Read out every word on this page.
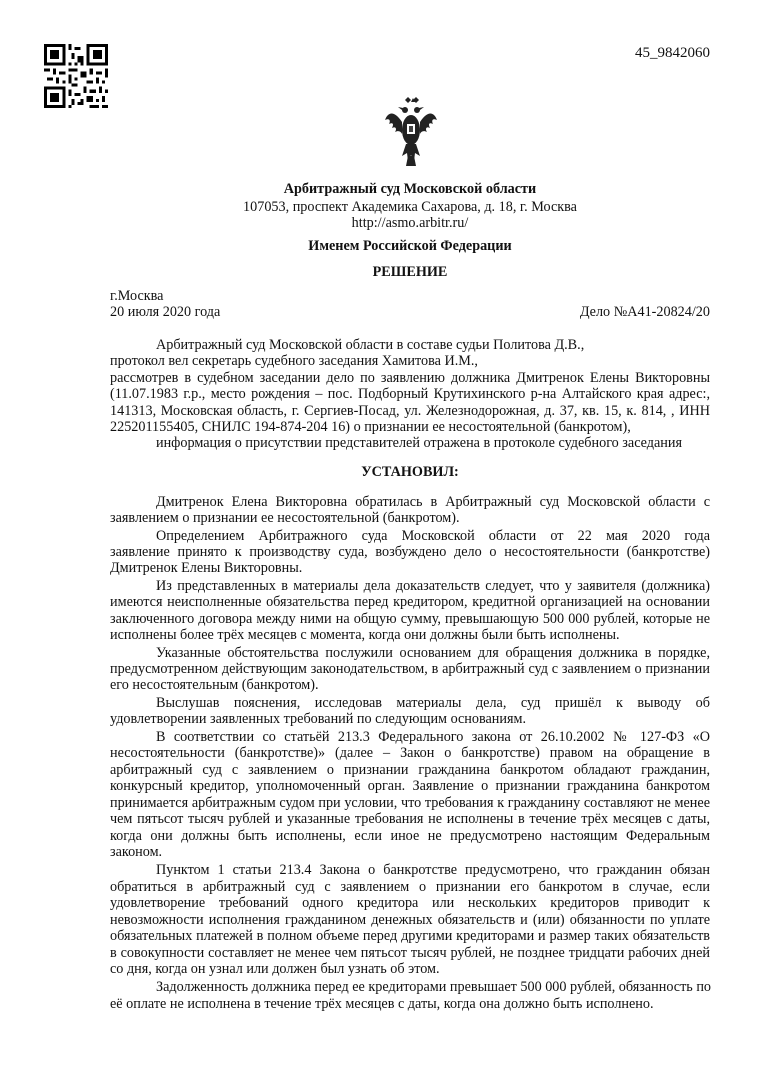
45_9842060
Арбитражный суд Московской области
107053, проспект Академика Сахарова, д. 18, г. Москва
http://asmo.arbitr.ru/
Именем Российской Федерации
РЕШЕНИЕ
г.Москва
20 июля 2020 года	Дело №А41-20824/20
Арбитражный суд Московской области в составе судьи Политова Д.В.,
протокол вел секретарь судебного заседания Хамитова И.М.,
рассмотрев в судебном заседании дело по заявлению должника Дмитренок Елены Викторовны
(11.07.1983 г.р., место рождения – пос. Подборный Крутихинского р-на Алтайского края адрес:,
141313, Московская область, г. Сергиев-Посад, ул. Железнодорожная, д. 37, кв. 15, к. 814, , ИНН
225201155405, СНИЛС 194-874-204 16) о признании ее несостоятельной (банкротом),
информация о присутствии представителей отражена в протоколе судебного заседания
УСТАНОВИЛ:
Дмитренок Елена Викторовна обратилась в Арбитражный суд Московской области с
заявлением о признании ее несостоятельной (банкротом).
Определением Арбитражного суда Московской области от 22 мая 2020 года
заявление принято к производству суда, возбуждено дело о несостоятельности (банкротстве)
Дмитренок Елены Викторовны.
Из представленных в материалы дела доказательств следует, что у заявителя (должника)
имеются неисполненные обязательства перед кредитором, кредитной организацией на основании
заключенного договора между ними на общую сумму, превышающую 500 000 рублей, которые не
исполнены более трёх месяцев с момента, когда они должны были быть исполнены.
Указанные обстоятельства послужили основанием для обращения должника в порядке,
предусмотренном действующим законодательством, в арбитражный суд с заявлением о признании
его несостоятельным (банкротом).
Выслушав пояснения, исследовав материалы дела, суд пришёл к выводу об
удовлетворении заявленных требований по следующим основаниям.
В соответствии со статьёй 213.3 Федерального закона от 26.10.2002 № 127-ФЗ «О
несостоятельности (банкротстве)» (далее – Закон о банкротстве) правом на обращение в
арбитражный суд с заявлением о признании гражданина банкротом обладают гражданин,
конкурсный кредитор, уполномоченный орган. Заявление о признании гражданина банкротом
принимается арбитражным судом при условии, что требования к гражданину составляют не менее
чем пятьсот тысяч рублей и указанные требования не исполнены в течение трёх месяцев с даты,
когда они должны быть исполнены, если иное не предусмотрено настоящим Федеральным
законом.
Пунктом 1 статьи 213.4 Закона о банкротстве предусмотрено, что гражданин обязан
обратиться в арбитражный суд с заявлением о признании его банкротом в случае, если
удовлетворение требований одного кредитора или нескольких кредиторов приводит к
невозможности исполнения гражданином денежных обязательств и (или) обязанности по уплате
обязательных платежей в полном объеме перед другими кредиторами и размер таких обязательств
в совокупности составляет не менее чем пятьсот тысяч рублей, не позднее тридцати рабочих дней
со дня, когда он узнал или должен был узнать об этом.
Задолженность должника перед ее кредиторами превышает 500 000 рублей, обязанность по
её оплате не исполнена в течение трёх месяцев с даты, когда она должно быть исполнено.
